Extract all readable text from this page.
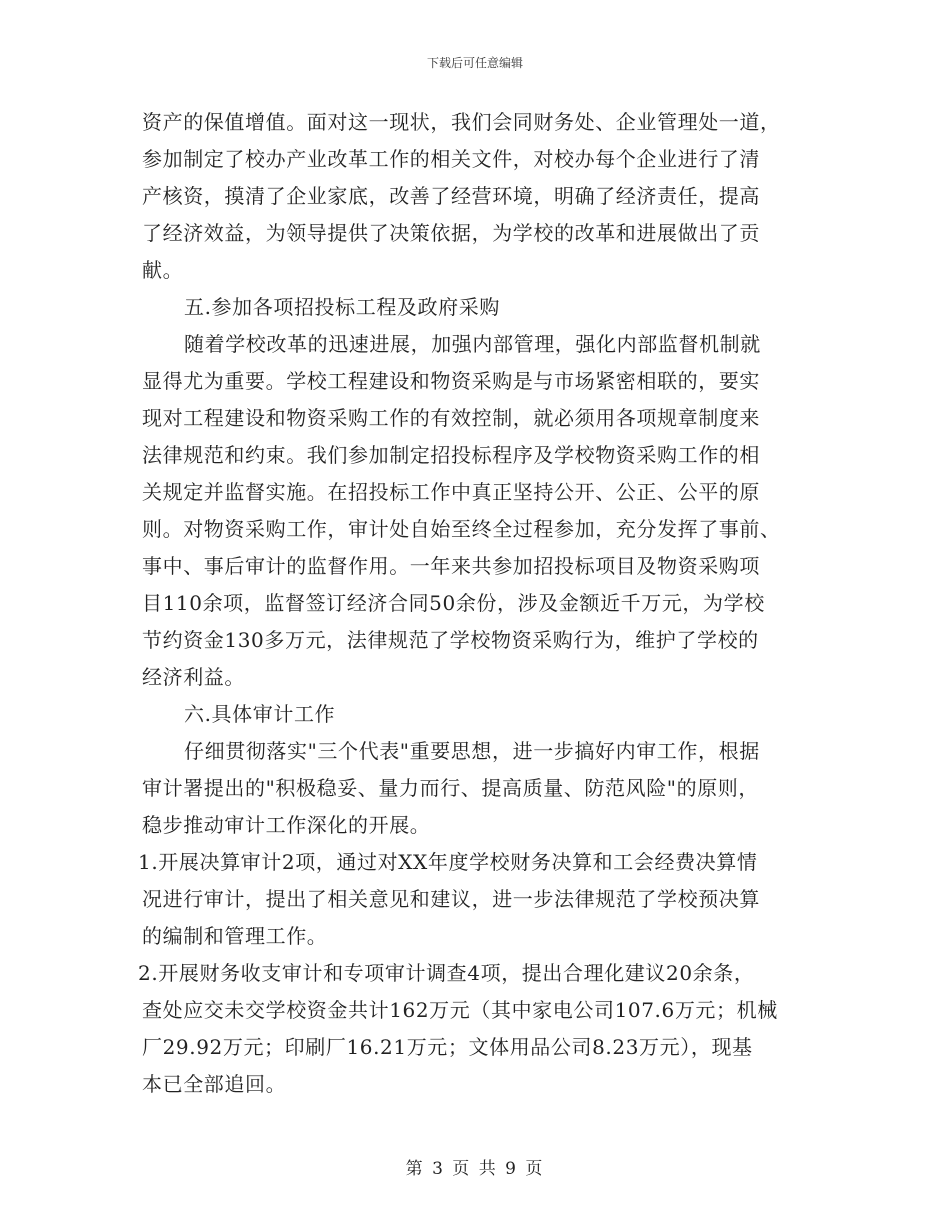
下载后可任意编辑
资产的保值增值。面对这一现状，我们会同财务处、企业管理处一道，
参加制定了校办产业改革工作的相关文件，对校办每个企业进行了清
产核资，摸清了企业家底，改善了经营环境，明确了经济责任，提高
了经济效益，为领导提供了决策依据，为学校的改革和进展做出了贡
献。
五.参加各项招投标工程及政府采购
随着学校改革的迅速进展，加强内部管理，强化内部监督机制就
显得尤为重要。学校工程建设和物资采购是与市场紧密相联的，要实
现对工程建设和物资采购工作的有效控制，就必须用各项规章制度来
法律规范和约束。我们参加制定招投标程序及学校物资采购工作的相
关规定并监督实施。在招投标工作中真正坚持公开、公正、公平的原
则。对物资采购工作，审计处自始至终全过程参加，充分发挥了事前、
事中、事后审计的监督作用。一年来共参加招投标项目及物资采购项
目110余项，监督签订经济合同50余份，涉及金额近千万元，为学校
节约资金130多万元，法律规范了学校物资采购行为，维护了学校的
经济利益。
六.具体审计工作
仔细贯彻落实"三个代表"重要思想，进一步搞好内审工作，根据
审计署提出的"积极稳妥、量力而行、提高质量、防范风险"的原则，
稳步推动审计工作深化的开展。
1.开展决算审计2项，通过对XX年度学校财务决算和工会经费决算情
况进行审计，提出了相关意见和建议，进一步法律规范了学校预决算
的编制和管理工作。
2.开展财务收支审计和专项审计调查4项，提出合理化建议20余条，
查处应交未交学校资金共计162万元（其中家电公司107.6万元；机械
厂29.92万元；印刷厂16.21万元；文体用品公司8.23万元），现基
本已全部追回。
第 3 页 共 9 页
